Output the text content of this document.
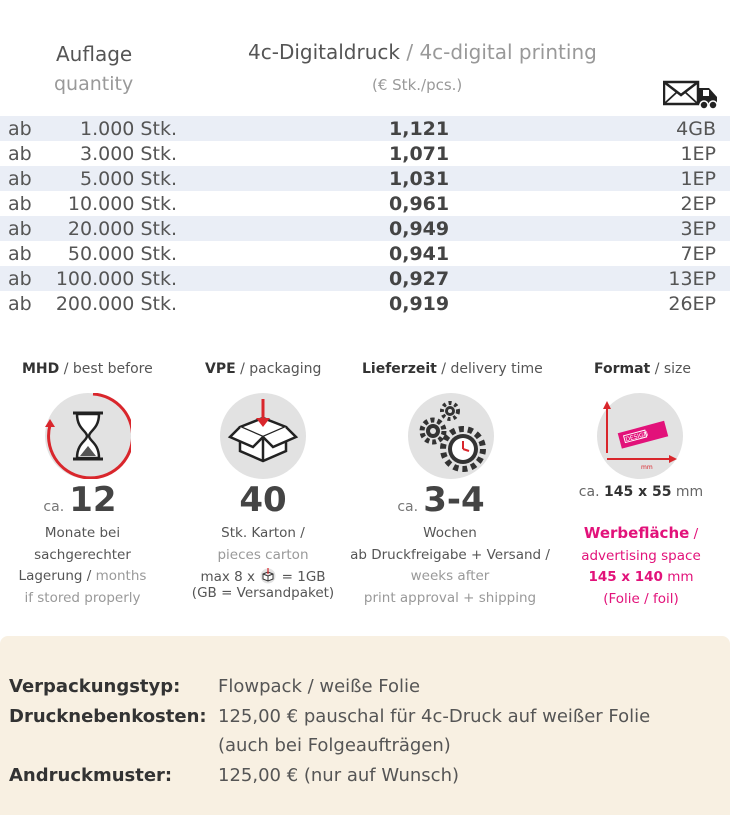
Auflage
quantity
4c-Digitaldruck / 4c-digital printing
(€ Stk./pcs.)
ab	1.000 Stk.	1,121	4GB
ab	3.000 Stk.	1,071	1EP
ab	5.000 Stk.	1,031	1EP
ab 10.000 Stk.	0,961	2EP
ab 20.000 Stk.	0,949	3EP
ab 50.000 Stk.	0,941	7EP
ab 100.000 Stk.	0,927	13EP
ab 200.000 Stk.	0,919	26EP
MHD / best before	VPE / packaging	Lieferzeit / delivery time	Format / size
DESIGN
mm
ca. 12	40	ca. 3-4	ca. 145 x 55 mm
Monate bei
sachgerechter
Lagerung / months
if stored properly
Stk. Karton /
pieces carton
max 8 x = 1GB
(GB = Versandpaket)
Wochen
ab Druckfreigabe + Versand /
weeks after
print approval + shipping
Werbefläche /
advertising space
145 x 140 mm
(Folie / foil)
Verpackungstyp: Flowpack / weiße Folie
Drucknebenkosten: 125,00 € pauschal für 4c-Druck auf weißer Folie
(auch bei Folgeaufträgen)
Andruckmuster:	125,00 € (nur auf Wunsch)
